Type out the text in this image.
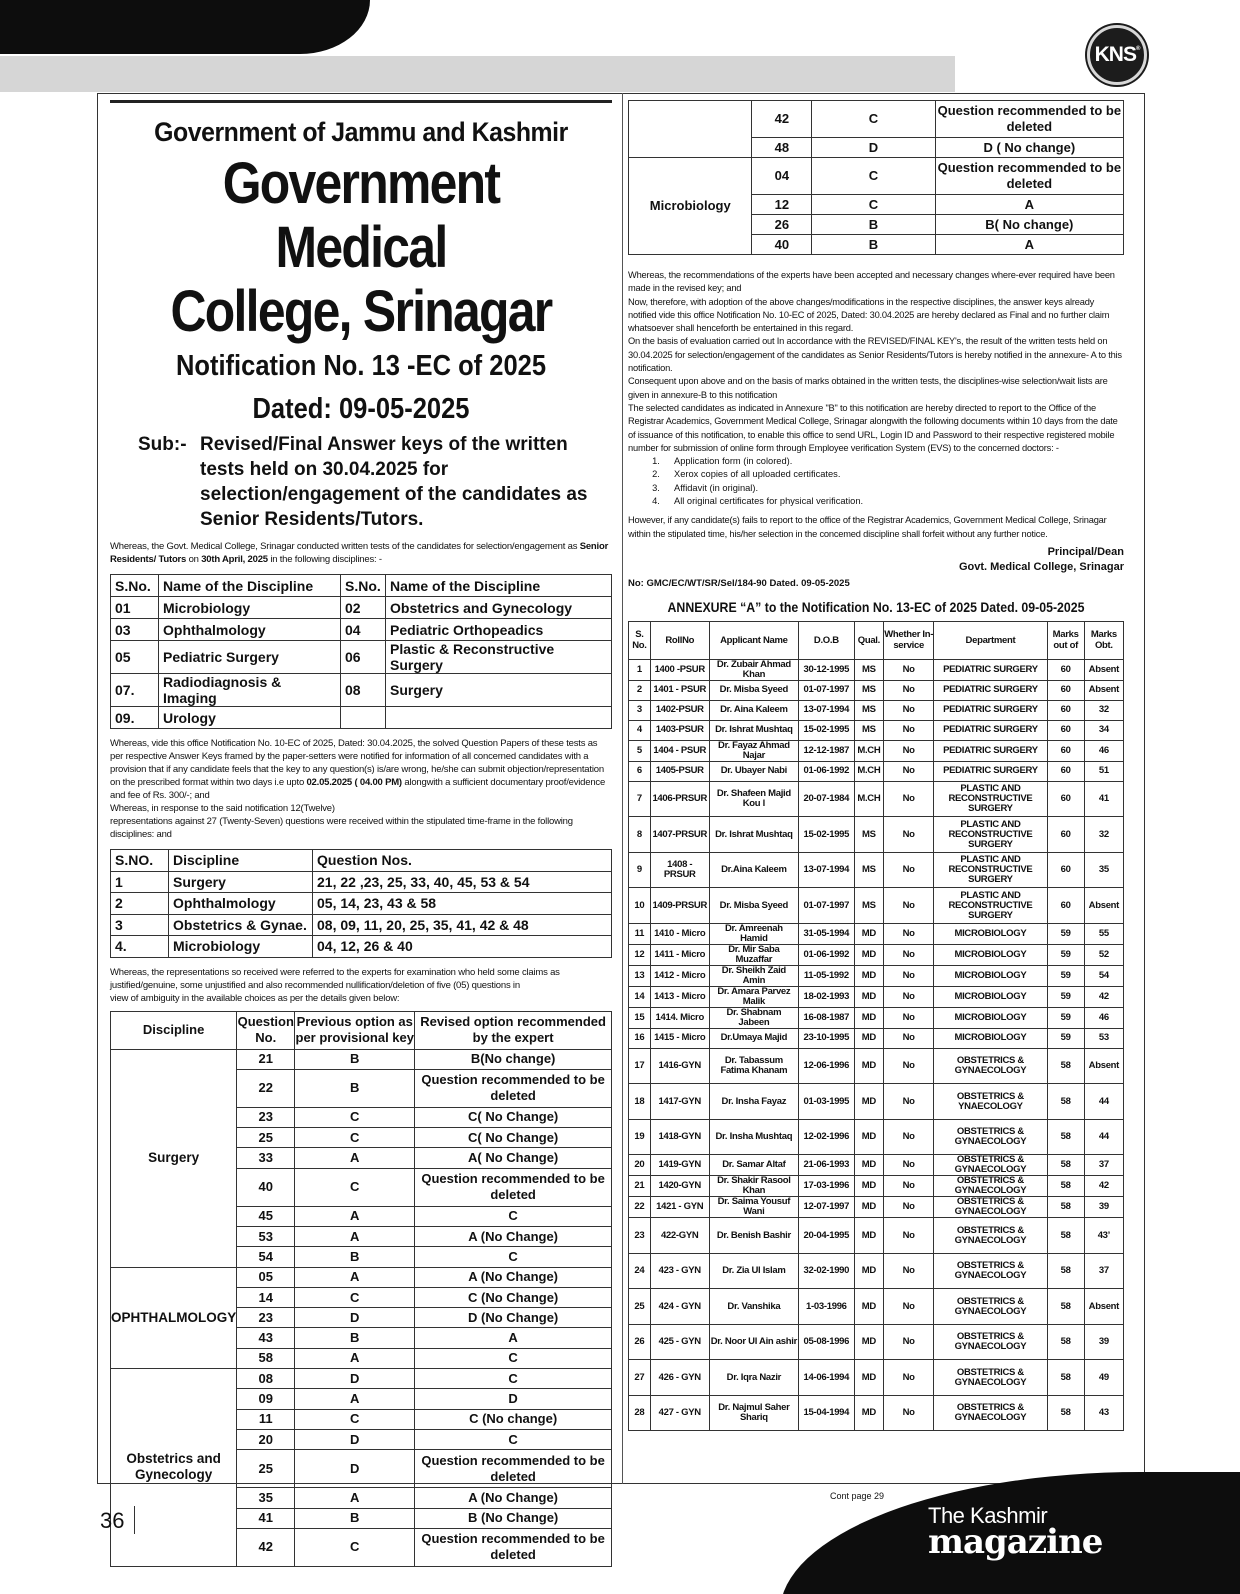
KNS®
Government of Jammu and Kashmir
Government Medical
College, Srinagar
Notification No. 13 -EC of 2025
Dated: 09-05-2025
Sub:- Revised/Final Answer keys of the written tests held on 30.04.2025 for selection/engagement of the candidates as Senior Residents/Tutors.

Whereas, the Govt. Medical College, Srinagar conducted written tests of the candidates for selection/engagement as Senior Residents/ Tutors on 30th April, 2025 in the following disciplines: -

S.No.	Name of the Discipline	S.No.	Name of the Discipline
01	Microbiology	02	Obstetrics and Gynecology
03	Ophthalmology	04	Pediatric Orthopeadics
05	Pediatric Surgery	06	Plastic & Reconstructive Surgery
07.	Radiodiagnosis & Imaging	08	Surgery
09.	Urology		

Whereas, vide this office Notification No. 10-EC of 2025, Dated: 30.04.2025, the solved Question Papers of these tests as per respective Answer Keys framed by the paper-setters were notified for information of all concerned candidates with a provision that if any candidate feels that the key to any question(s) is/are wrong, he/she can submit objection/representation on the prescribed format within two days i.e upto 02.05.2025 ( 04.00 PM) alongwith a sufficient documentary proof/evidence and fee of Rs. 300/-; and
Whereas, in response to the said notification 12(Twelve)
representations against 27 (Twenty-Seven) questions were received within the stipulated time-frame in the following disciplines: and

S.NO.	Discipline	Question Nos.
1	Surgery	21, 22 ,23, 25, 33, 40, 45, 53 & 54
2	Ophthalmology	05, 14, 23, 43 & 58
3	Obstetrics & Gynae.	08, 09, 11, 20, 25, 35, 41, 42 & 48
4.	Microbiology	04, 12, 26 & 40

Whereas, the representations so received were referred to the experts for examination who held some claims as justified/genuine, some unjustified and also recommended nullification/deletion of five (05) questions in
view of ambiguity in the available choices as per the details given below:

Discipline	Question No.	Previous option as per provisional key	Revised option recommended by the expert
Surgery	21	B	B(No change)
	22	B	Question recommended to be deleted
	23	C	C( No Change)
	25	C	C( No Change)
	33	A	A( No Change)
	40	C	Question recommended to be deleted
	45	A	C
	53	A	A (No Change)
	54	B	C
OPHTHALMOLOGY	05	A	A (No Change)
	14	C	C (No Change)
	23	D	D (No Change)
	43	B	A
	58	A	C
Obstetrics and Gynecology	08	D	C
	09	A	D
	11	C	C (No change)
	20	D	C
	25	D	Question recommended to be deleted
	35	A	A (No Change)
	41	B	B (No Change)
	42	C	Question recommended to be deleted
	42	C	Question recommended to be deleted
	48	D	D ( No change)
Microbiology	04	C	Question recommended to be deleted
	12	C	A
	26	B	B( No change)
	40	B	A

Whereas, the recommendations of the experts have been accepted and necessary changes where-ever required have been made in the revised key; and

Now, therefore, with adoption of the above changes/modifications in the respective disciplines, the answer keys already notified vide this office Notification No. 10-EC of 2025, Dated: 30.04.2025 are hereby declared as Final and no further claim whatsoever shall henceforth be entertained in this regard.

On the basis of evaluation carried out In accordance with the REVISED/FINAL KEY's, the result of the written tests held on 30.04.2025 for selection/engagement of the candidates as Senior Residents/Tutors is hereby notified in the annexure- A to this notification.

Consequent upon above and on the basis of marks obtained in the written tests, the disciplines-wise selection/wait lists are given in annexure-B to this notification

The selected candidates as indicated in Annexure "B" to this notification are hereby directed to report to the Office of the Registrar Academics, Government Medical College, Srinagar alongwith the following documents within 10 days from the date of issuance of this notification, to enable this office to send URL, Login ID and Password to their respective registered mobile number for submission of online form through Employee verification System (EVS) to the concerned doctors: -

1.	Application form (in colored).
2.	Xerox copies of all uploaded certificates.
3.	Affidavit (in original).
4.	All original certificates for physical verification.

However, if any candidate(s) fails to report to the office of the Registrar Academics, Government Medical College, Srinagar within the stipulated time, his/her selection in the concemed discipline shall forfeit without any further notice.

Principal/Dean
Govt. Medical College, Srinagar
No: GMC/EC/WT/SR/Sel/184-90 Dated. 09-05-2025
ANNEXURE “A” to the Notification No. 13-EC of 2025 Dated. 09-05-2025
S. No.	RollNo	Applicant Name	D.O.B	Qual.	Whether In-service	Department	Marks out of	Marks Obt.
1	1400 -PSUR	Dr. Zubair Ahmad Khan	30-12-1995	MS	No	PEDIATRIC SURGERY	60	Absent
2	1401 - PSUR	Dr. Misba Syeed	01-07-1997	MS	No	PEDIATRIC SURGERY	60	Absent
3	1402-PSUR	Dr. Aina Kaleem	13-07-1994	MS	No	PEDIATRIC SURGERY	60	32
4	1403-PSUR	Dr. Ishrat Mushtaq	15-02-1995	MS	No	PEDIATRIC SURGERY	60	34
5	1404 - PSUR	Dr. Fayaz Ahmad Najar	12-12-1987	M.CH	No	PEDIATRIC SURGERY	60	46
6	1405-PSUR	Dr. Ubayer Nabi	01-06-1992	M.CH	No	PEDIATRIC SURGERY	60	51
7	1406-PRSUR	Dr. Shafeen Majid Kou l	20-07-1984	M.CH	No	PLASTIC AND RECONSTRUCTIVE SURGERY	60	41
8	1407-PRSUR	Dr. Ishrat Mushtaq	15-02-1995	MS	No	PLASTIC AND RECONSTRUCTIVE SURGERY	60	32
9	1408 - PRSUR	Dr.Aina Kaleem	13-07-1994	MS	No	PLASTIC AND RECONSTRUCTIVE SURGERY	60	35
10	1409-PRSUR	Dr. Misba Syeed	01-07-1997	MS	No	PLASTIC AND RECONSTRUCTIVE SURGERY	60	Absent
11	1410 - Micro	Dr. Amreenah Hamid	31-05-1994	MD	No	MICROBIOLOGY	59	55
12	1411 - Micro	Dr. Mir Saba Muzaffar	01-06-1992	MD	No	MICROBIOLOGY	59	52
13	1412 - Micro	Dr. Sheikh Zaid Amin	11-05-1992	MD	No	MICROBIOLOGY	59	54
14	1413 - Micro	Dr. Amara Parvez Malik	18-02-1993	MD	No	MICROBIOLOGY	59	42
15	1414. Micro	Dr. Shabnam Jabeen	16-08-1987	MD	No	MICROBIOLOGY	59	46
16	1415 - Micro	Dr.Umaya Majid	23-10-1995	MD	No	MICROBIOLOGY	59	53
17	1416-GYN	Dr. Tabassum Fatima Khanam	12-06-1996	MD	No	OBSTETRICS & GYNAECOLOGY	58	Absent
18	1417-GYN	Dr. Insha Fayaz	01-03-1995	MD	No	OBSTETRICS & YNAECOLOGY	58	44
19	1418-GYN	Dr. Insha Mushtaq	12-02-1996	MD	No	OBSTETRICS & GYNAECOLOGY	58	44
20	1419-GYN	Dr. Samar Altaf	21-06-1993	MD	No	OBSTETRICS & GYNAECOLOGY	58	37
21	1420-GYN	Dr. Shakir Rasool Khan	17-03-1996	MD	No	OBSTETRICS & GYNAECOLOGY	58	42
22	1421 - GYN	Dr. Saima Yousuf Wani	12-07-1997	MD	No	OBSTETRICS & GYNAECOLOGY	58	39
23	422-GYN	Dr. Benish Bashir	20-04-1995	MD	No	OBSTETRICS & GYNAECOLOGY	58	43’
24	423 - GYN	Dr. Zia Ul Islam	32-02-1990	MD	No	OBSTETRICS & GYNAECOLOGY	58	37
25	424 - GYN	Dr. Vanshika	1-03-1996	MD	No	OBSTETRICS & GYNAECOLOGY	58	Absent
26	425 - GYN	Dr. Noor Ul Ain ashir	05-08-1996	MD	No	OBSTETRICS & GYNAECOLOGY	58	39
27	426 - GYN	Dr. Iqra Nazir	14-06-1994	MD	No	OBSTETRICS & GYNAECOLOGY	58	49
28	427 - GYN	Dr. Najmul Saher Shariq	15-04-1994	MD	No	OBSTETRICS & GYNAECOLOGY	58	43
Cont page 29
36	The Kashmir
magazine
